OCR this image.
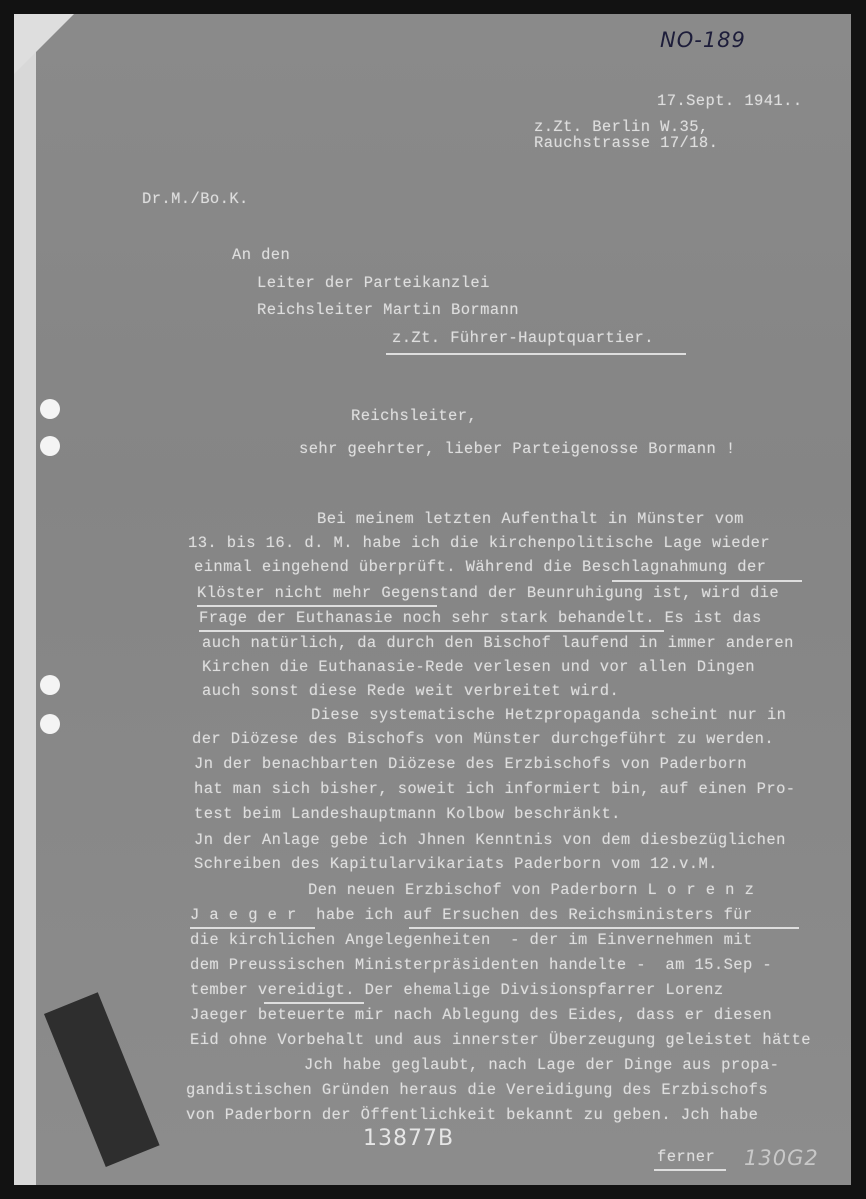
NO-189
17.Sept. 1941..
z.Zt. Berlin W.35,
Rauchstrasse 17/18.
Dr.M./Bo.K.
An den
Leiter der Parteikanzlei
Reichsleiter Martin Bormann
z.Zt. Führer-Hauptquartier.
Reichsleiter,
sehr geehrter, lieber Parteigenosse Bormann !
Bei meinem letzten Aufenthalt in Münster vom
13. bis 16. d. M. habe ich die kirchenpolitische Lage wieder
einmal eingehend überprüft. Während die Beschlagnahmung der
Klöster nicht mehr Gegenstand der Beunruhigung ist, wird die
Frage der Euthanasie noch sehr stark behandelt. Es ist das
auch natürlich, da durch den Bischof laufend in immer anderen
Kirchen die Euthanasie-Rede verlesen und vor allen Dingen
auch sonst diese Rede weit verbreitet wird.
Diese systematische Hetzpropaganda scheint nur in
der Diözese des Bischofs von Münster durchgeführt zu werden.
Jn der benachbarten Diözese des Erzbischofs von Paderborn
hat man sich bisher, soweit ich informiert bin, auf einen Pro-
test beim Landeshauptmann Kolbow beschränkt.
Jn der Anlage gebe ich Jhnen Kenntnis von dem diesbezüglichen
Schreiben des Kapitularvikariats Paderborn vom 12.v.M.
Den neuen Erzbischof von Paderborn L o r e n z
J a e g e r  habe ich auf Ersuchen des Reichsministers für
die kirchlichen Angelegenheiten  - der im Einvernehmen mit
dem Preussischen Ministerpräsidenten handelte -  am 15.Sep -
tember vereidigt. Der ehemalige Divisionspfarrer Lorenz
Jaeger beteuerte mir nach Ablegung des Eides, dass er diesen
Eid ohne Vorbehalt und aus innerster Überzeugung geleistet hätte
Jch habe geglaubt, nach Lage der Dinge aus propa-
gandistischen Gründen heraus die Vereidigung des Erzbischofs
von Paderborn der Öffentlichkeit bekannt zu geben. Jch habe
13877B
ferner 130G2
